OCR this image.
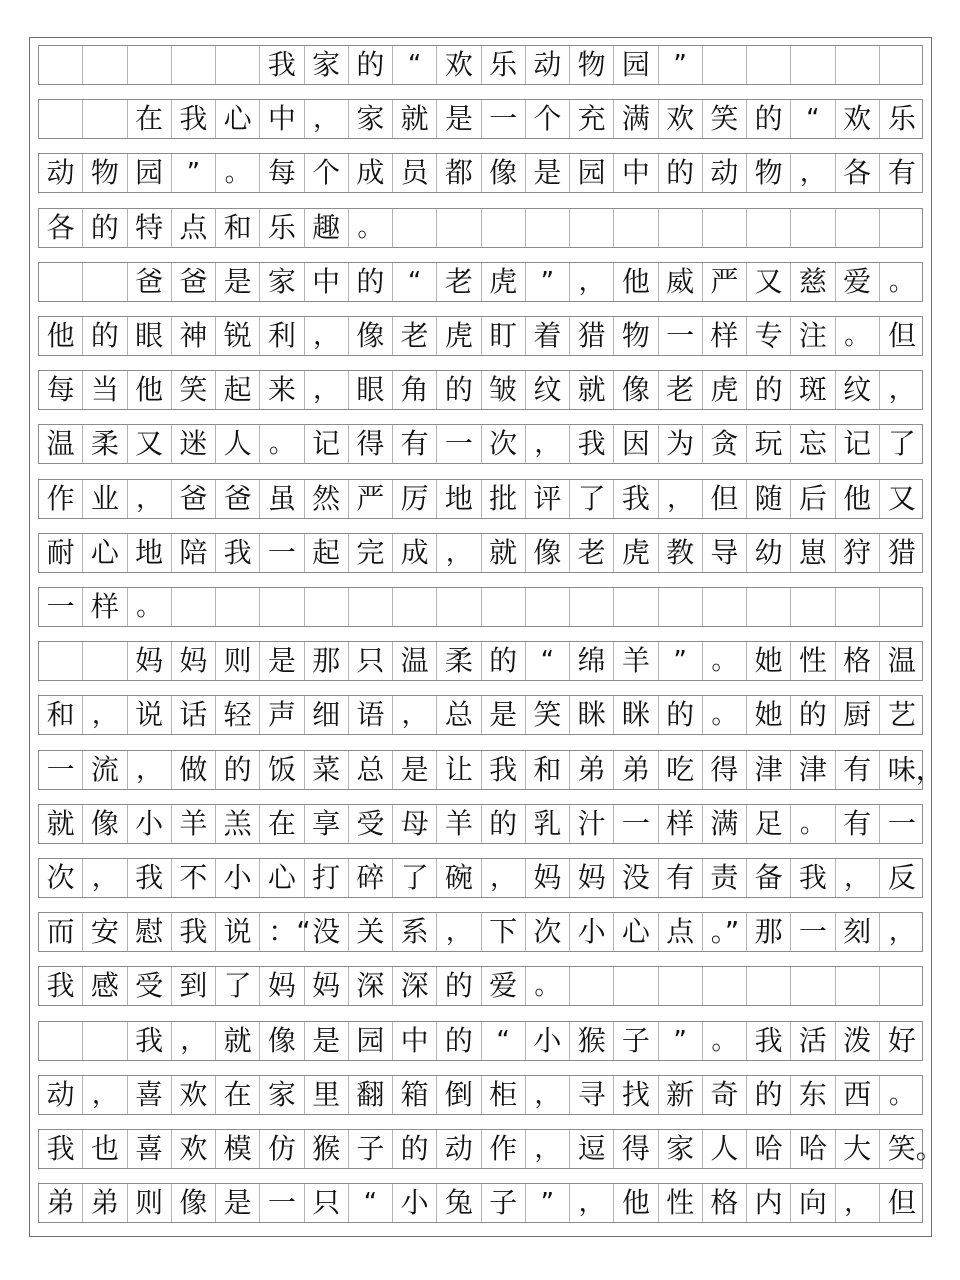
我 家 的 “ 欢 乐 动 物 园 ”
在 我 心 中 ， 家 就 是 一 个 充 满 欢 笑 的 “ 欢 乐
动 物 园 ” 。 每 个 成 员 都 像 是 园 中 的 动 物 ， 各 有
各 的 特 点 和 乐 趣 。
爸 爸 是 家 中 的 “ 老 虎 ” ， 他 威 严 又 慈 爱 。
他 的 眼 神 锐 利 ， 像 老 虎 盯 着 猎 物 一 样 专 注 。 但
每 当 他 笑 起 来 ， 眼 角 的 皱 纹 就 像 老 虎 的 斑 纹 ，
温 柔 又 迷 人 。 记 得 有 一 次 ， 我 因 为 贪 玩 忘 记 了
作 业 ， 爸 爸 虽 然 严 厉 地 批 评 了 我 ， 但 随 后 他 又
耐 心 地 陪 我 一 起 完 成 ， 就 像 老 虎 教 导 幼 崽 狩 猎
一 样 。
妈 妈 则 是 那 只 温 柔 的 “ 绵 羊 ” 。 她 性 格 温
和 ， 说 话 轻 声 细 语 ， 总 是 笑 眯 眯 的 。 她 的 厨 艺
一 流 ， 做 的 饭 菜 总 是 让 我 和 弟 弟 吃 得 津 津 有 味，
就 像 小 羊 羔 在 享 受 母 羊 的 乳 汁 一 样 满 足 。 有 一
次 ， 我 不 小 心 打 碎 了 碗 ， 妈 妈 没 有 责 备 我 ， 反
而 安 慰 我 说 ：“ 没 关 系 ， 下 次 小 心 点 。” 那 一 刻 ，
我 感 受 到 了 妈 妈 深 深 的 爱 。
我 ， 就 像 是 园 中 的 “ 小 猴 子 ” 。 我 活 泼 好
动 ， 喜 欢 在 家 里 翻 箱 倒 柜 ， 寻 找 新 奇 的 东 西 。
我 也 喜 欢 模 仿 猴 子 的 动 作 ， 逗 得 家 人 哈 哈 大 笑。
弟 弟 则 像 是 一 只 “ 小 兔 子 ” ， 他 性 格 内 向 ， 但
